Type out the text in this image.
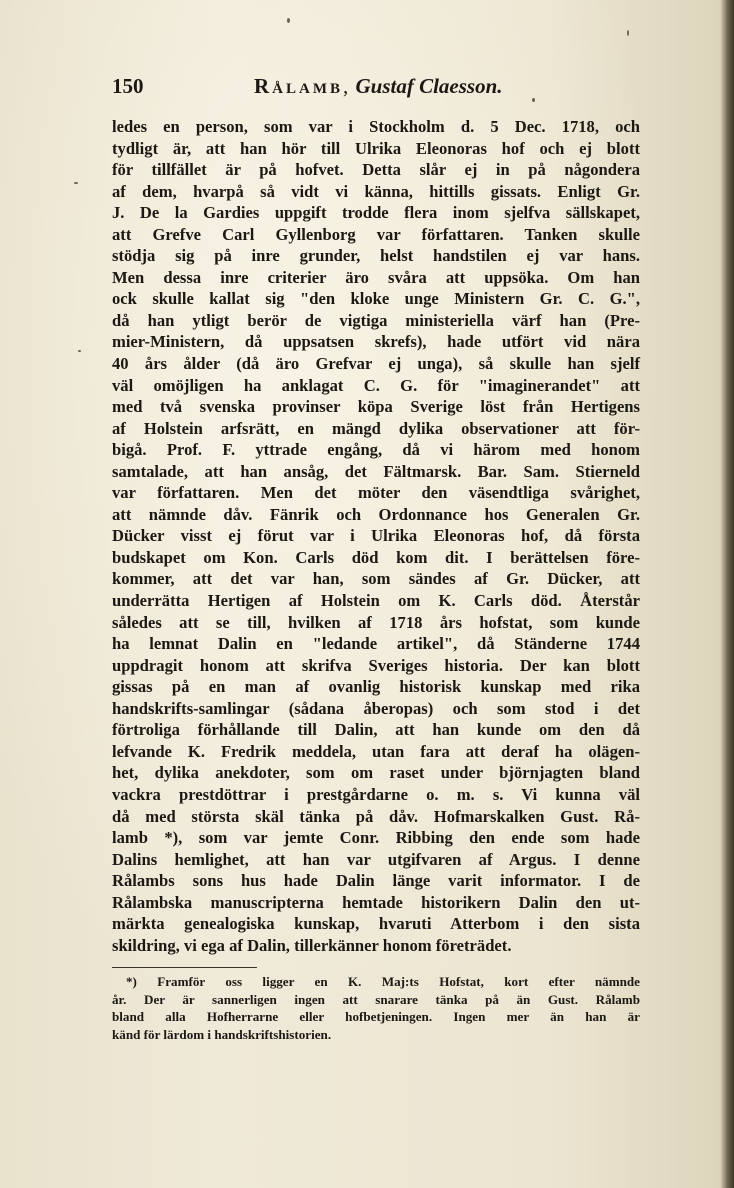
150	Rålamb, Gustaf Claesson.
ledes en person, som var i Stockholm d. 5 Dec. 1718, och
tydligt är, att han hör till Ulrika Eleonoras hof och ej blott
för tillfället är på hofvet. Detta slår ej in på någondera
af dem, hvarpå så vidt vi känna, hittills gissats. Enligt Gr.
J. De la Gardies uppgift trodde flera inom sjelfva sällskapet,
att Grefve Carl Gyllenborg var författaren. Tanken skulle
stödja sig på inre grunder, helst handstilen ej var hans.
Men dessa inre criterier äro svåra att uppsöka. Om han
ock skulle kallat sig "den kloke unge Ministern Gr. C. G.",
då han ytligt berör de vigtiga ministeriella värf han (Pre-
mier-Ministern, då uppsatsen skrefs), hade utfört vid nära
40 års ålder (då äro Grefvar ej unga), så skulle han sjelf
väl omöjligen ha anklagat C. G. för "imaginerandet" att
med två svenska provinser köpa Sverige löst från Hertigens
af Holstein arfsrätt, en mängd dylika observationer att för-
bigå. Prof. F. yttrade engång, då vi härom med honom
samtalade, att han ansåg, det Fältmarsk. Bar. Sam. Stierneld
var författaren. Men det möter den väsendtliga svårighet,
att nämnde dåv. Fänrik och Ordonnance hos Generalen Gr.
Dücker visst ej förut var i Ulrika Eleonoras hof, då första
budskapet om Kon. Carls död kom dit. I berättelsen före-
kommer, att det var han, som sändes af Gr. Dücker, att
underrätta Hertigen af Holstein om K. Carls död. Återstår
således att se till, hvilken af 1718 års hofstat, som kunde
ha lemnat Dalin en "ledande artikel", då Ständerne 1744
uppdragit honom att skrifva Sveriges historia. Der kan blott
gissas på en man af ovanlig historisk kunskap med rika
handskrifts-samlingar (sådana åberopas) och som stod i det
förtroliga förhållande till Dalin, att han kunde om den då
lefvande K. Fredrik meddela, utan fara att deraf ha olägen-
het, dylika anekdoter, som om raset under björnjagten bland
vackra prestdöttrar i prestgårdarne o. m. s. Vi kunna väl
då med största skäl tänka på dåv. Hofmarskalken Gust. Rå-
lamb *), som var jemte Conr. Ribbing den ende som hade
Dalins hemlighet, att han var utgifvaren af Argus. I denne
Rålambs sons hus hade Dalin länge varit informator. I de
Rålambska manuscripterna hemtade historikern Dalin den ut-
märkta genealogiska kunskap, hvaruti Atterbom i den sista
skildring, vi ega af Dalin, tillerkänner honom företrädet.
*) Framför oss ligger en K. Maj:ts Hofstat, kort efter nämnde
år. Der är sannerligen ingen att snarare tänka på än Gust. Rålamb
bland alla Hofherrarne eller hofbetjeningen. Ingen mer än han är
känd för lärdom i handskriftshistorien.
